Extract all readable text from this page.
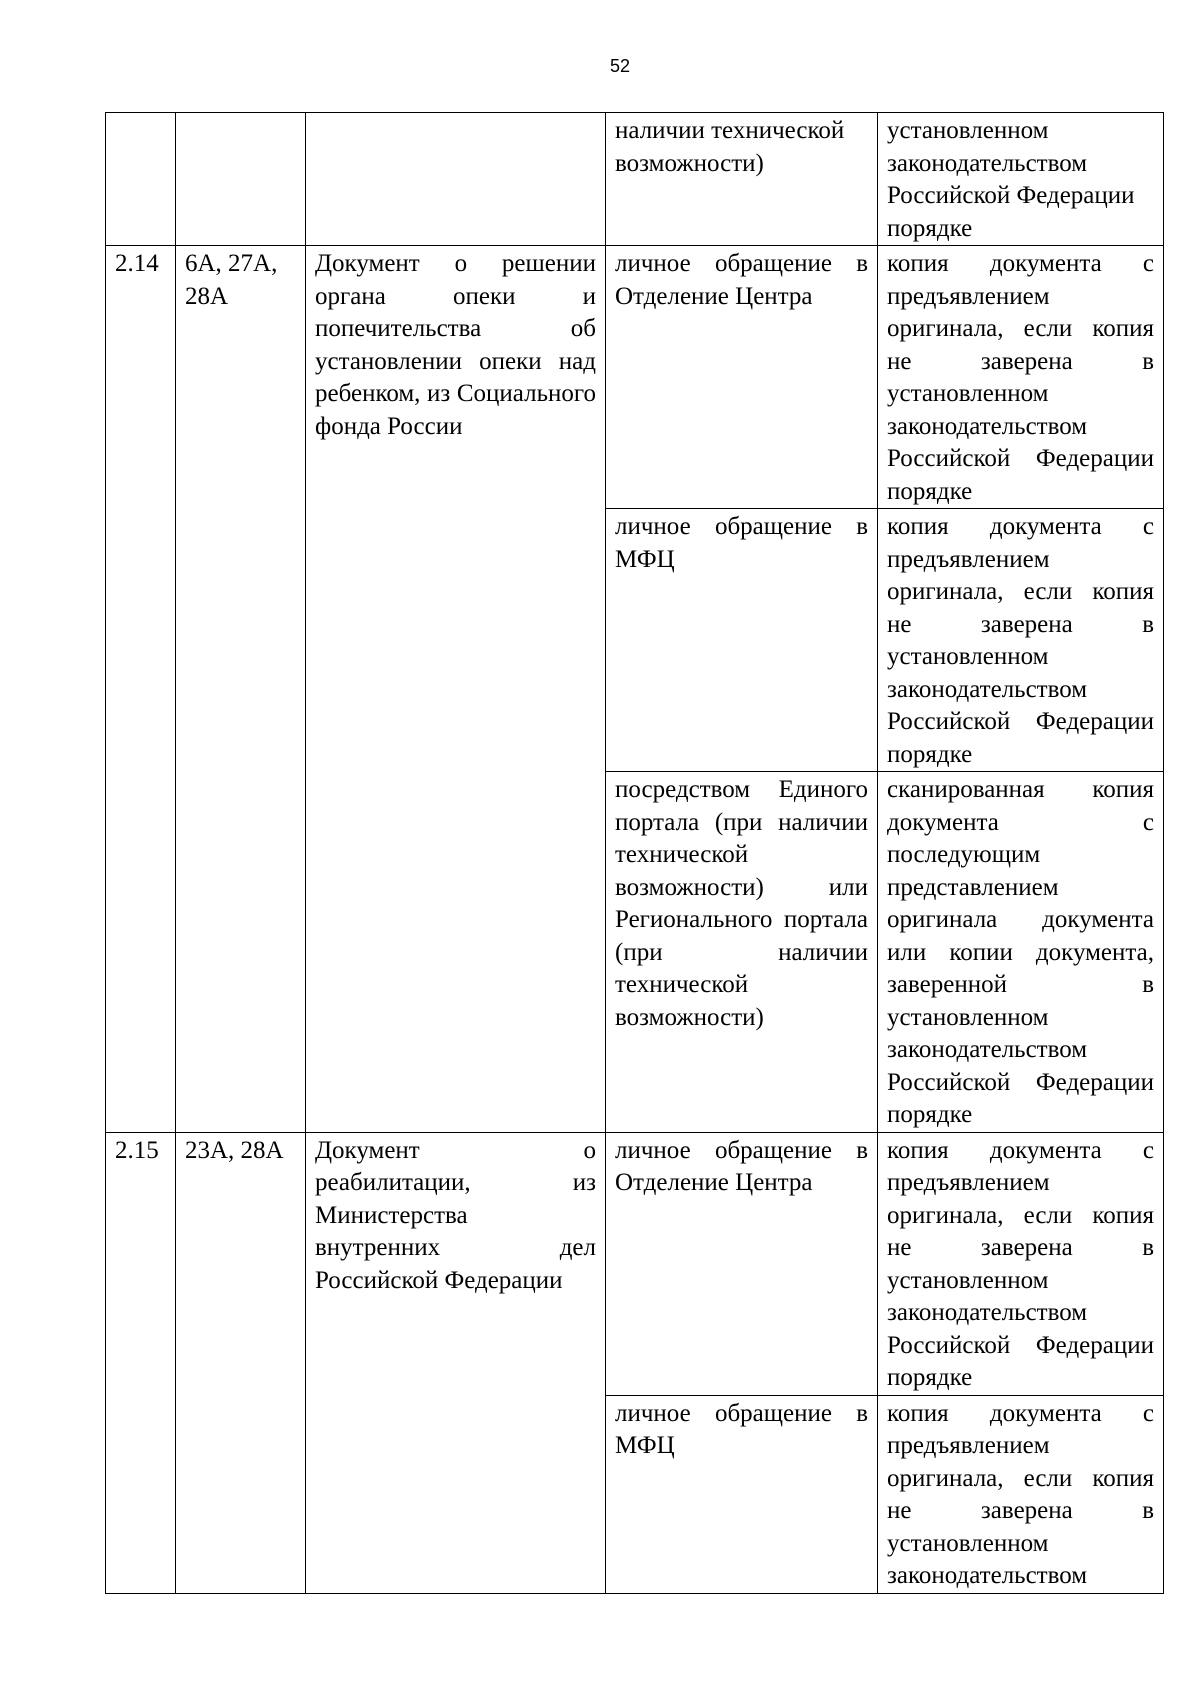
52
			наличии технической возможности)	установленном законодательством Российской Федерации порядке
2.14	6А, 27А, 28А	Документ о решении органа опеки и попечительства об установлении опеки над ребенком, из Социального фонда России	личное обращение в Отделение Центра	копия документа с предъявлением оригинала, если копия не заверена в установленном законодательством Российской Федерации порядке
			личное обращение в МФЦ	копия документа с предъявлением оригинала, если копия не заверена в установленном законодательством Российской Федерации порядке
			посредством Единого портала (при наличии технической возможности) или Регионального портала (при наличии технической возможности)	сканированная копия документа с последующим представлением оригинала документа или копии документа, заверенной в установленном законодательством Российской Федерации порядке
2.15	23А, 28А	Документ о реабилитации, из Министерства внутренних дел Российской Федерации	личное обращение в Отделение Центра	копия документа с предъявлением оригинала, если копия не заверена в установленном законодательством Российской Федерации порядке
			личное обращение в МФЦ	копия документа с предъявлением оригинала, если копия не заверена в установленном законодательством
